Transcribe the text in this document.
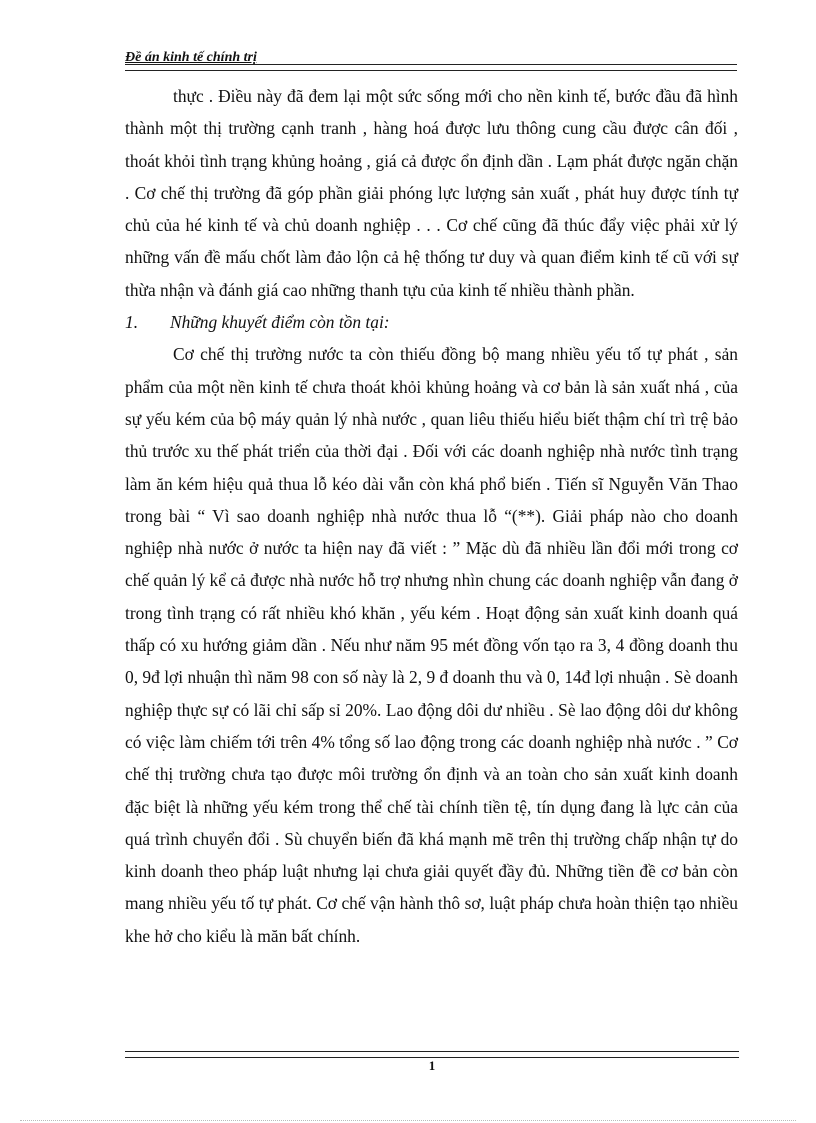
Đề án kinh tế chính trị

thực . Điều này đã đem lại một sức sống mới cho nền kinh tế, bước đầu đã hình thành một thị trường cạnh tranh , hàng hoá được lưu thông cung cầu được cân đối , thoát khỏi tình trạng khủng hoảng , giá cả được ổn định dần . Lạm phát được ngăn chặn . Cơ chế thị trường đã góp phần giải phóng lực lượng sản xuất , phát huy được tính tự chủ của hé kinh tế và chủ doanh nghiệp . . . Cơ chế cũng đã thúc đẩy việc phải xử lý những vấn đề mấu chốt làm đảo lộn cả hệ thống tư duy và quan điểm kinh tế cũ với sự thừa nhận và đánh giá cao những thanh tựu của kinh tế nhiều thành phần.

1. Những khuyết điểm còn tồn tại:

Cơ chế thị trường nước ta còn thiếu đồng bộ mang nhiều yếu tố tự phát , sản phẩm của một nền kinh tế chưa thoát khỏi khủng hoảng và cơ bản là sản xuất nhá , của sự yếu kém của bộ máy quản lý nhà nước , quan liêu thiếu hiểu biết thậm chí trì trệ bảo thủ trước xu thế phát triển của thời đại . Đối với các doanh nghiệp nhà nước tình trạng làm ăn kém hiệu quả thua lỗ kéo dài vẫn còn khá phổ biến . Tiến sĩ Nguyễn Văn Thao trong bài “ Vì sao doanh nghiệp nhà nước thua lỗ “(**). Giải pháp nào cho doanh nghiệp nhà nước ở nước ta hiện nay đã viết : ” Mặc dù đã nhiều lần đổi mới trong cơ chế quản lý kể cả được nhà nước hỗ trợ nhưng nhìn chung các doanh nghiệp vẫn đang ở trong tình trạng có rất nhiều khó khăn , yếu kém . Hoạt động sản xuất kinh doanh quá thấp có xu hướng giảm dần . Nếu như năm 95 mét đồng vốn tạo ra 3, 4 đồng doanh thu 0, 9đ lợi nhuận thì năm 98 con số này là 2, 9 đ doanh thu và 0, 14đ lợi nhuận . Sè doanh nghiệp thực sự có lãi chỉ sấp sỉ 20%. Lao động dôi dư nhiều . Sè lao động dôi dư không có việc làm chiếm tới trên 4% tổng số lao động trong các doanh nghiệp nhà nước . ” Cơ chế thị trường chưa tạo được môi trường ổn định và an toàn cho sản xuất kinh doanh đặc biệt là những yếu kém trong thể chế tài chính tiền tệ, tín dụng đang là lực cản của quá trình chuyển đổi . Sù chuyển biến đã khá mạnh mẽ trên thị trường chấp nhận tự do kinh doanh theo pháp luật nhưng lại chưa giải quyết đầy đủ. Những tiền đề cơ bản còn mang nhiều yếu tố tự phát. Cơ chế vận hành thô sơ, luật pháp chưa hoàn thiện tạo nhiều khe hở cho kiểu là măn bất chính.

1
